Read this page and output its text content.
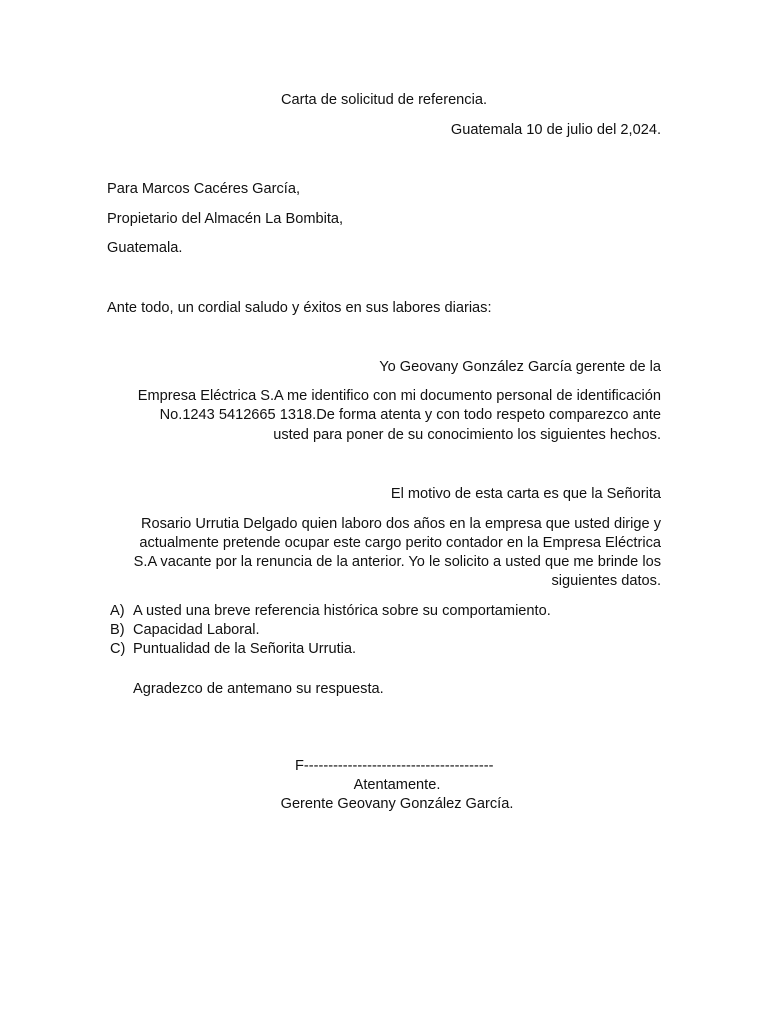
Carta de solicitud de referencia.
Guatemala 10 de julio del 2,024.
Para Marcos Cacéres García,
Propietario del Almacén La Bombita,
Guatemala.
Ante todo, un cordial saludo y éxitos en sus labores diarias:
Yo Geovany González García gerente de la
Empresa Eléctrica S.A me identifico con mi documento personal de identificación
No.1243 5412665 1318.De forma atenta y con todo respeto comparezco ante
usted para poner de su conocimiento los siguientes hechos.
El motivo de esta carta es que la Señorita
Rosario Urrutia Delgado quien laboro dos años en la empresa que usted dirige y
actualmente pretende ocupar este cargo perito contador en la Empresa Eléctrica
S.A vacante por la renuncia de la anterior. Yo le solicito a usted que me brinde los
siguientes datos.
A) A usted una breve referencia histórica sobre su comportamiento.
B) Capacidad Laboral.
C) Puntualidad de la Señorita Urrutia.
Agradezco de antemano su respuesta.
F---------------------------------------
Atentamente.
Gerente Geovany González García.
